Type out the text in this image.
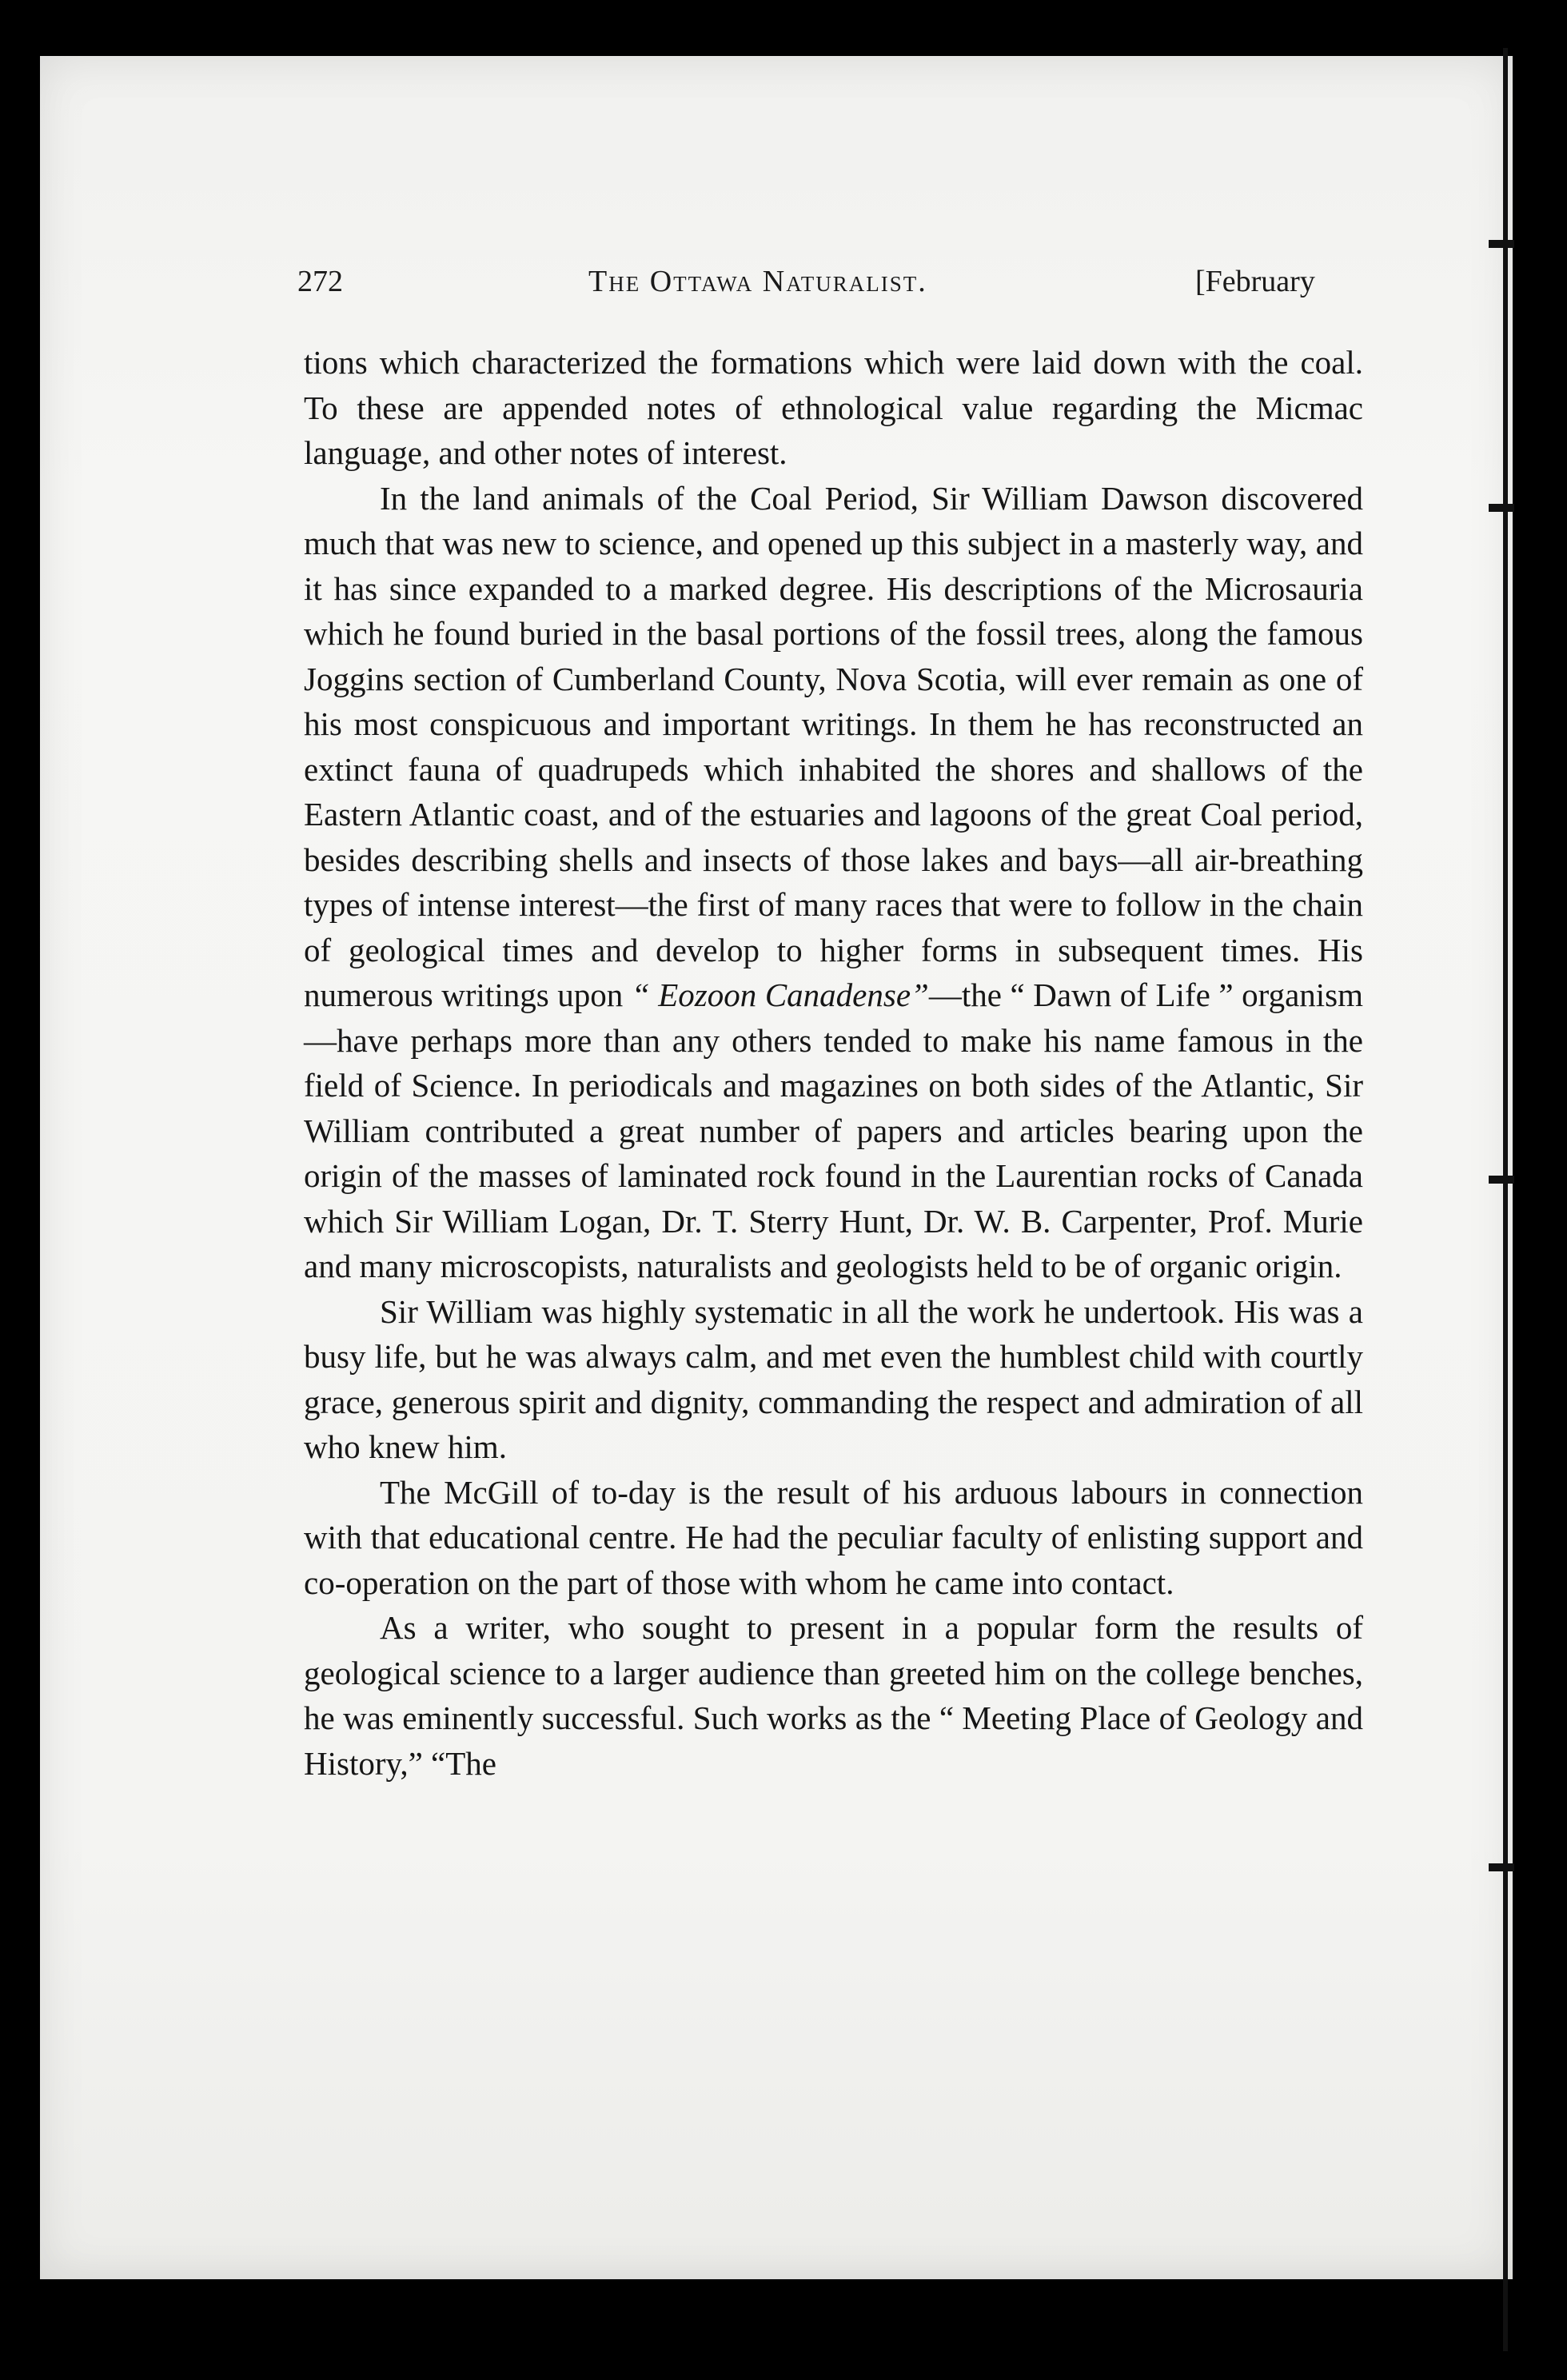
272	The Ottawa Naturalist.	[February

tions which characterized the formations which were laid down with the coal. To these are appended notes of ethnological value regarding the Micmac language, and other notes of interest.

In the land animals of the Coal Period, Sir William Dawson discovered much that was new to science, and opened up this subject in a masterly way, and it has since expanded to a marked degree. His descriptions of the Microsauria which he found buried in the basal portions of the fossil trees, along the famous Joggins section of Cumberland County, Nova Scotia, will ever remain as one of his most conspicuous and important writings. In them he has reconstructed an extinct fauna of quadrupeds which inhabited the shores and shallows of the Eastern Atlantic coast, and of the estuaries and lagoons of the great Coal period, besides describing shells and insects of those lakes and bays—all air-breathing types of intense interest—the first of many races that were to follow in the chain of geological times and develop to higher forms in subsequent times. His numerous writings upon “ Eozoon Canadense”—the “ Dawn of Life ” organism—have perhaps more than any others tended to make his name famous in the field of Science. In periodicals and magazines on both sides of the Atlantic, Sir William contributed a great number of papers and articles bearing upon the origin of the masses of laminated rock found in the Laurentian rocks of Canada which Sir William Logan, Dr. T. Sterry Hunt, Dr. W. B. Carpenter, Prof. Murie and many microscopists, naturalists and geologists held to be of organic origin.

Sir William was highly systematic in all the work he undertook. His was a busy life, but he was always calm, and met even the humblest child with courtly grace, generous spirit and dignity, commanding the respect and admiration of all who knew him.

The McGill of to-day is the result of his arduous labours in connection with that educational centre. He had the peculiar faculty of enlisting support and co-operation on the part of those with whom he came into contact.

As a writer, who sought to present in a popular form the results of geological science to a larger audience than greeted him on the college benches, he was eminently successful. Such works as the “ Meeting Place of Geology and History,” “The
